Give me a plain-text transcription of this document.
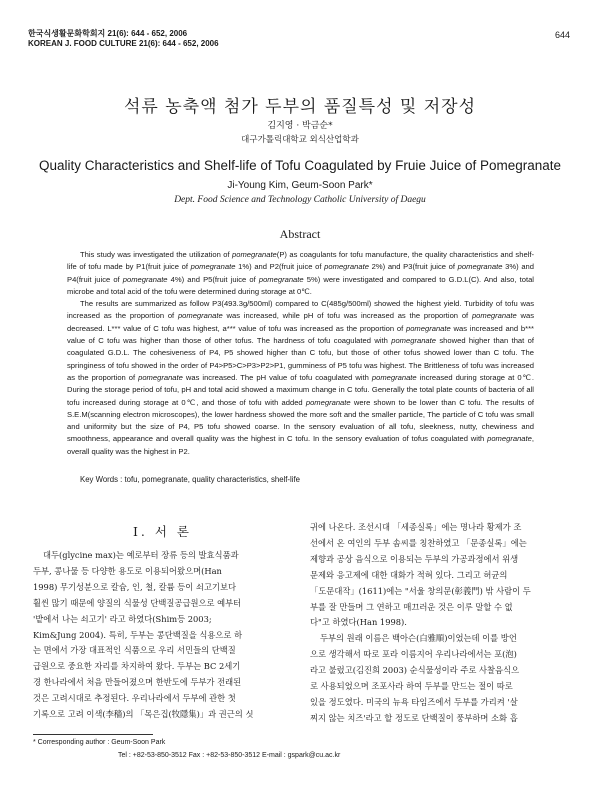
한국식생활문화학회지 21(6): 644 - 652, 2006
KOREAN J. FOOD CULTURE 21(6): 644 - 652, 2006
644
석류 농축액 첨가 두부의 품질특성 및 저장성
김지영 · 박금순*
대구가톨릭대학교 외식산업학과
Quality Characteristics and Shelf-life of Tofu Coagulated by Fruie Juice of Pomegranate
Ji-Young Kim, Geum-Soon Park*
Dept. Food Science and Technology Catholic University of Daegu
Abstract

This study was investigated the utilization of pomegranate(P) as coagulants for tofu manufacture, the quality characteristics and shelf-life of tofu made by P1(fruit juice of pomegranate 1%) and P2(fruit juice of pomegranate 2%) and P3(fruit juice of pomegranate 3%) and P4(fruit juice of pomegranate 4%) and P5(fruit juice of pomegranate 5%) were investigated and compared to G.D.L(C). And also, total microbe and total acid of the tofu were determined during storage at 0℃.

The results are summarized as follow P3(493.3g/500ml) compared to C(485g/500ml) showed the highest yield. Turbidity of tofu was increased as the proportion of pomegranate was increased, while pH of tofu was increased as the proportion of pomegranate was decreased. L*** value of C tofu was highest, a*** value of tofu was increased as the proportion of pomegranate was increased and b*** value of C tofu was higher than those of other tofus. The hardness of tofu coagulated with pomegranate showed higher than that of coagulated G.D.L. The cohesiveness of P4, P5 showed higher than C tofu, but those of other tofus showed lower than C tofu. The springiness of tofu showed in the order of P4>P5>C>P3>P2>P1, gumminess of P5 tofu was highest. The Brittleness of tofu was increased as the proportion of pomegranate was increased. The pH value of tofu coagulated with pomegranate increased during storage at 0℃. During the storage period of tofu, pH and total acid showed a maximum change in C tofu. Generally the total plate counts of bacteria of all tofu increased during storage at 0℃, and those of tofu with added pomegranate were shown to be lower than C tofu. The results of S.E.M(scanning electron microscopes), the lower hardness showed the more soft and the smaller particle, The particle of C tofu was small and uniformity but the size of P4, P5 tofu showed coarse. In the sensory evaluation of all tofu, sleekness, nutty, chewiness and smoothness, appearance and overall quality was the highest in C tofu. In the sensory evaluation of tofus coagulated with pomegranate, overall quality was the highest in P2.

Key Words : tofu, pomegranate, quality characteristics, shelf-life
Ⅰ. 서 론
대두(glycine max)는 예로부터 장류 등의 발효식품과
두부, 콩나물 등 다양한 용도로 이용되어왔으며(Han
1998) 무기성분으로 칼슘, 인, 철, 칼륨 등이 쇠고기보다
훨씬 많기 때문에 양질의 식물성 단백질공급원으로 예부터
'밭에서 나는 쇠고기' 라고 하였다(Shim등 2003;
Kim&Jung 2004). 특히, 두부는 콩단백질을 식용으로 하
는 면에서 가장 대표적인 식품으로 우리 서민들의 단백질
급원으로 중요한 자리를 차지하여 왔다. 두부는 BC 2세기
경 한나라에서 처음 만들어졌으며 한반도에 두부가 전래된
것은 고려시대로 추정된다. 우리나라에서 두부에 관한 첫
기록으로 고려 이색(李穡)의 「목은집(牧隱集)」과 권근의 싯
귀에 나온다. 조선시대 「세종실록」에는 명나라 황제가 조
선에서 온 여인의 두부 솜씨를 칭찬하였고 「문종실록」에는
제향과 공상 음식으로 이용되는 두부의 가공과정에서 위생
문제와 응고제에 대한 대화가 적혀 있다. 그리고 허균의
「도문대작」(1611)에는 "서울 창의문(彰義門) 밖 사람이 두
부를 잘 만들며 그 연하고 매끄러운 것은 이루 말할 수 없
다"고 하였다(Han 1998).
두부의 원래 이름은 백아슨(白雅順)이었는데 이를 방언
으로 생각해서 따로 포라 이름지어 우리나라에서는 포(泡)
라고 불렀고(김진희 2003) 순식물성이라 주로 사찰음식으
로 사용되었으며 조포사라 하여 두부를 만드는 절이 따로
있을 정도였다. 미국의 뉴욕 타임즈에서 두부를 가리켜 '살
찌지 않는 치즈'라고 할 정도로 단백질이 풍부하며 소화 흡
* Corresponding author : Geum-Soon Park
Tel : +82-53-850-3512 Fax : +82-53-850-3512 E-mail : gspark@cu.ac.kr
